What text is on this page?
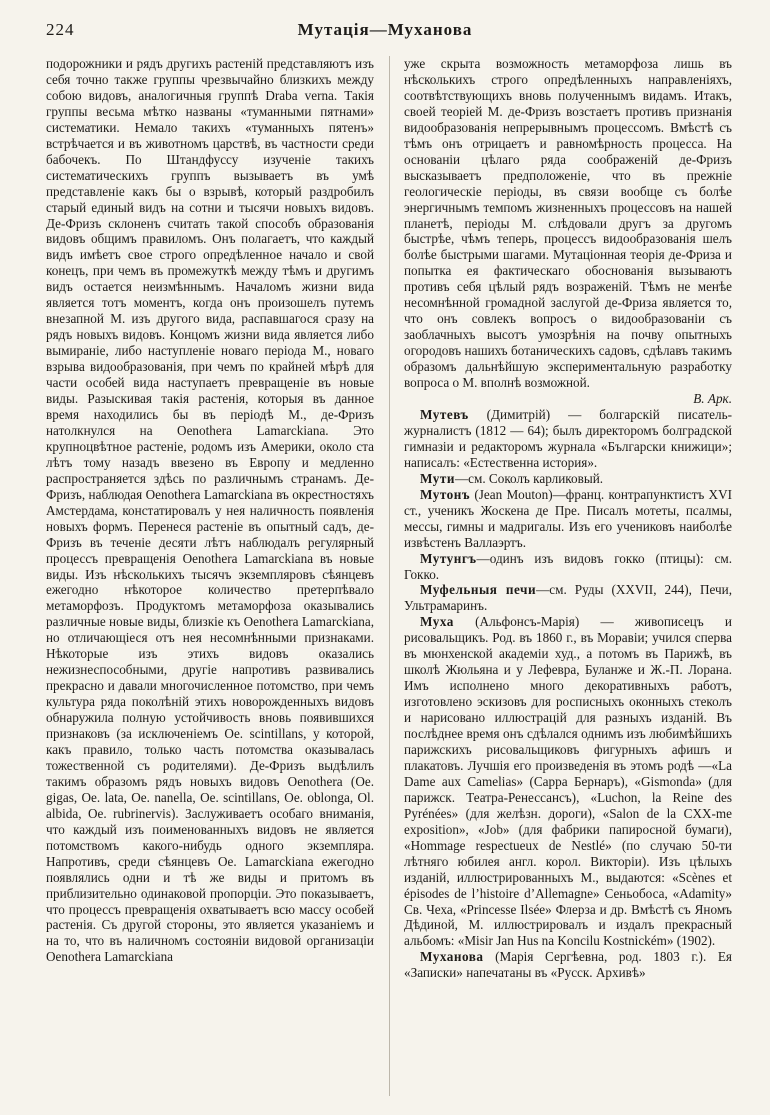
224	Мутація—Муханова

подорожники и рядъ другихъ растеній представляютъ изъ себя точно также группы чрезвычайно близкихъ между собою видовъ, аналогичныя группѣ Draba verna. Такія группы весьма мѣтко названы «туманными пятнами» систематики. Немало такихъ «туманныхъ пятенъ» встрѣчается и въ животномъ царствѣ, въ частности среди бабочекъ. По Штандфуссу изученіе такихъ систематическихъ группъ вызываетъ въ умѣ представленіе какъ бы о взрывѣ, который раздробилъ старый единый видъ на сотни и тысячи новыхъ видовъ. Де-Фризъ склоненъ считать такой способъ образованія видовъ общимъ правиломъ. Онъ полагаетъ, что каждый видъ имѣетъ свое строго опредѣленное начало и свой конецъ, при чемъ въ промежуткѣ между тѣмъ и другимъ видъ остается неизмѣннымъ. Началомъ жизни вида является тотъ моментъ, когда онъ произошелъ путемъ внезапной М. изъ другого вида, распавшагося сразу на рядъ новыхъ видовъ. Концомъ жизни вида является либо вымираніе, либо наступленіе новаго періода М., новаго взрыва видообразованія, при чемъ по крайней мѣрѣ для части особей вида наступаетъ превращеніе въ новые виды. Разыскивая такія растенія, которыя въ данное время находились бы въ періодѣ М., де-Фризъ натолкнулся на Oenothera Lamarckiana. Это крупноцвѣтное растеніе, родомъ изъ Америки, около ста лѣтъ тому назадъ ввезено въ Европу и медленно распространяется здѣсь по различнымъ странамъ. Де-Фризъ, наблюдая Oenothera Lamarckiana въ окрестностяхъ Амстердама, констатировалъ у нея наличность появленія новыхъ формъ. Перенеся растеніе въ опытный садъ, де-Фризъ въ теченіе десяти лѣтъ наблюдалъ регулярный процессъ превращенія Oenothera Lamarckiana въ новые виды. Изъ нѣсколькихъ тысячъ экземпляровъ сѣянцевъ ежегодно нѣкоторое количество претерпѣвало метаморфозъ. Продуктомъ метаморфоза оказывались различные новые виды, близкіе къ Oenothera Lamarckiana, но отличающіеся отъ нея несомнѣнными признаками. Нѣкоторые изъ этихъ видовъ оказались нежизнеспособными, другіе напротивъ развивались прекрасно и давали многочисленное потомство, при чемъ культура ряда поколѣній этихъ новорожденныхъ видовъ обнаружила полную устойчивость вновь появившихся признаковъ (за исключеніемъ Oe. scintillans, у которой, какъ правило, только часть потомства оказывалась тожественной съ родителями). Де-Фризъ выдѣлилъ такимъ образомъ рядъ новыхъ видовъ Oenothera (Oe. gigas, Oe. lata, Oe. nanella, Oe. scintillans, Oe. oblonga, Ol. albida, Oe. rubrinervis). Заслуживаетъ особаго вниманія, что каждый изъ поименованныхъ видовъ не является потомствомъ какого-нибудь одного экземпляра. Напротивъ, среди сѣянцевъ Oe. Lamarckiana ежегодно появлялись одни и тѣ же виды и притомъ въ приблизительно одинаковой пропорціи. Это показываетъ, что процессъ превращенія охватываетъ всю массу особей растенія. Съ другой стороны, это является указаніемъ и на то, что въ наличномъ состояніи видовой организаціи Oenothera Lamarckiana

уже скрыта возможность метаморфоза лишь въ нѣсколькихъ строго опредѣленныхъ направленіяхъ, соотвѣтствующихъ вновь полученнымъ видамъ. Итакъ, своей теоріей М. де-Фризъ возстаетъ противъ признанія видообразованія непрерывнымъ процессомъ. Вмѣстѣ съ тѣмъ онъ отрицаетъ и равномѣрность процесса. На основаніи цѣлаго ряда соображеній де-Фризъ высказываетъ предположеніе, что въ прежніе геологическіе періоды, въ связи вообще съ болѣе энергичнымъ темпомъ жизненныхъ процессовъ на нашей планетѣ, періоды М. слѣдовали другъ за другомъ быстрѣе, чѣмъ теперь, процессъ видообразованія шелъ болѣе быстрыми шагами. Мутаціонная теорія де-Фриза и попытка ея фактическаго обоснованія вызываютъ противъ себя цѣлый рядъ возраженій. Тѣмъ не менѣе несомнѣнной громадной заслугой де-Фриза является то, что онъ совлекъ вопросъ о видообразованіи съ заоблачныхъ высотъ умозрѣнія на почву опытныхъ огородовъ нашихъ ботаническихъ садовъ, сдѣлавъ такимъ образомъ дальнѣйшую экспериментальную разработку вопроса о М. вполнѣ возможной.

В. Арк.

Мутевъ (Димитрій) — болгарскій писатель-журналистъ (1812 — 64); былъ директоромъ болградской гимназіи и редакторомъ журнала «Български книжици»; написалъ: «Естественна история».

Мути—см. Соколъ карликовый.

Мутонъ (Jean Mouton)—франц. контрапунктистъ XVI ст., ученикъ Жоскена де Пре. Писалъ мотеты, псалмы, мессы, гимны и мадригалы. Изъ его учениковъ наиболѣе извѣстенъ Валлаэртъ.

Мутунгъ—одинъ изъ видовъ гокко (птицы): см. Гокко.

Муфельныя печи—см. Руды (XXVII, 244), Печи, Ультрамаринъ.

Муха (Альфонсъ-Марія) — живописецъ и рисовальщикъ. Род. въ 1860 г., въ Моравіи; учился сперва въ мюнхенской академіи худ., а потомъ въ Парижѣ, въ школѣ Жюльяна и у Лефевра, Буланже и Ж.-П. Лорана. Имъ исполнено много декоративныхъ работъ, изготовлено эскизовъ для росписныхъ оконныхъ стеколъ и нарисовано иллюстрацій для разныхъ изданій. Въ послѣднее время онъ сдѣлался однимъ изъ любимѣйшихъ парижскихъ рисовальщиковъ фигурныхъ афишъ и плакатовъ. Лучшія его произведенія въ этомъ родѣ —«La Dame aux Camelias» (Сарра Бернаръ), «Gismonda» (для парижск. Театра-Ренессансъ), «Luchon, la Reine des Pyrénées» (для желѣзн. дороги), «Salon de la CXX-me exposition», «Job» (для фабрики папиросной бумаги), «Hommage respectueux de Nestlé» (по случаю 50-ти лѣтняго юбилея англ. корол. Викторіи). Изъ цѣлыхъ изданій, иллюстрированныхъ М., выдаются: «Scènes et épisodes de l’histoire d’Allemagne» Сеньобоса, «Adamity» Св. Чеха, «Princesse Ilsée» Флерза и др. Вмѣстѣ съ Яномъ Дѣдиной, М. иллюстрировалъ и издалъ прекрасный альбомъ: «Misir Jan Hus na Koncilu Kostnickém» (1902).

Муханова (Марія Сергѣевна, род. 1803 г.). Ея «Записки» напечатаны въ «Русск. Архивѣ»
